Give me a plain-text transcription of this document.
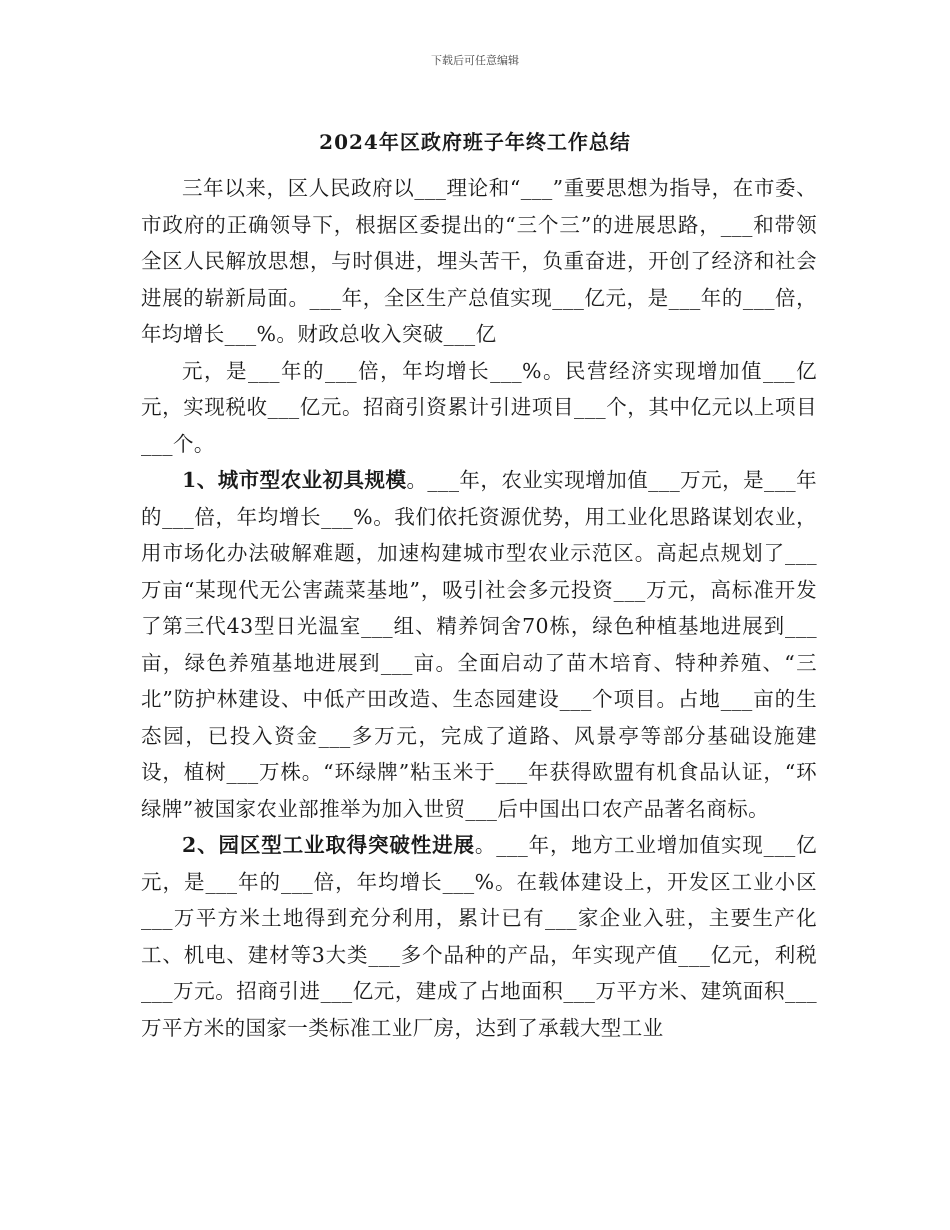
下载后可任意编辑
2024年区政府班子年终工作总结

三年以来，区人民政府以___理论和“___”重要思想为指导，在市委、市政府的正确领导下，根据区委提出的“三个三”的进展思路，___和带领全区人民解放思想，与时俱进，埋头苦干，负重奋进，开创了经济和社会进展的崭新局面。___年，全区生产总值实现___亿元，是___年的___倍，年均增长___%。财政总收入突破___亿

元，是___年的___倍，年均增长___%。民营经济实现增加值___亿元，实现税收___亿元。招商引资累计引进项目___个，其中亿元以上项目___个。

1、城市型农业初具规模。___年，农业实现增加值___万元，是___年的___倍，年均增长___%。我们依托资源优势，用工业化思路谋划农业，用市场化办法破解难题，加速构建城市型农业示范区。高起点规划了___万亩“某现代无公害蔬菜基地”，吸引社会多元投资___万元，高标准开发了第三代43型日光温室___组、精养饲舍70栋，绿色种植基地进展到___亩，绿色养殖基地进展到___亩。全面启动了苗木培育、特种养殖、“三北”防护林建设、中低产田改造、生态园建设___个项目。占地___亩的生态园，已投入资金___多万元，完成了道路、风景亭等部分基础设施建设，植树___万株。“环绿牌”粘玉米于___年获得欧盟有机食品认证，“环绿牌”被国家农业部推举为加入世贸___后中国出口农产品著名商标。

2、园区型工业取得突破性进展。___年，地方工业增加值实现___亿元，是___年的___倍，年均增长___%。在载体建设上，开发区工业小区___万平方米土地得到充分利用，累计已有___家企业入驻，主要生产化工、机电、建材等3大类___多个品种的产品，年实现产值___亿元，利税___万元。招商引进___亿元，建成了占地面积___万平方米、建筑面积___万平方米的国家一类标准工业厂房，达到了承载大型工业
